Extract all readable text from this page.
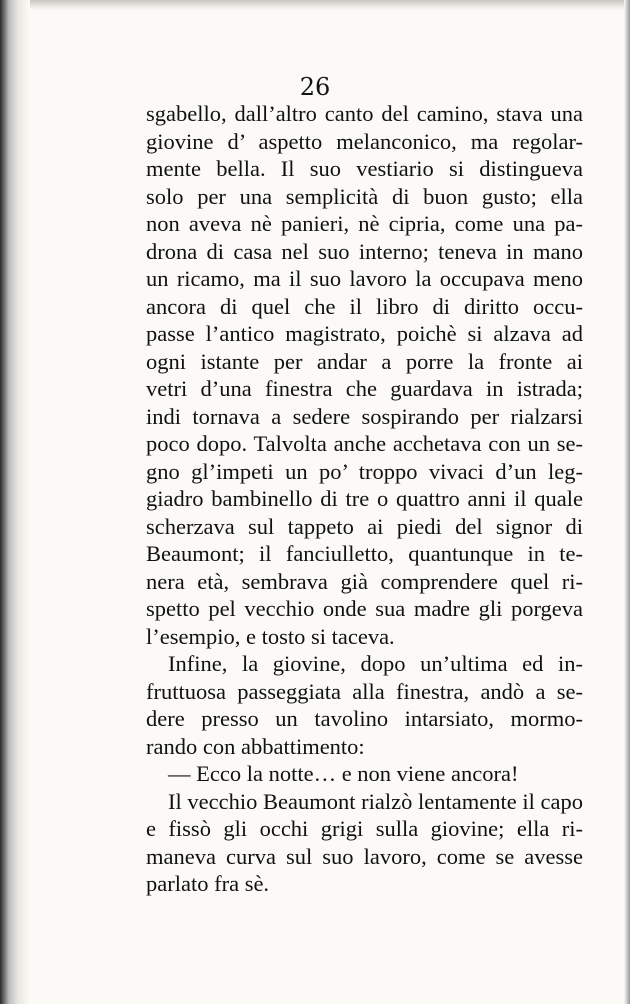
26
sgabello, dall’altro canto del camino, stava una
giovine d’ aspetto melanconico, ma regolar-
mente bella. Il suo vestiario si distingueva
solo per una semplicità di buon gusto; ella
non aveva nè panieri, nè cipria, come una pa-
drona di casa nel suo interno; teneva in mano
un ricamo, ma il suo lavoro la occupava meno
ancora di quel che il libro di diritto occu-
passe l’antico magistrato, poichè si alzava ad
ogni istante per andar a porre la fronte ai
vetri d’una finestra che guardava in istrada;
indi tornava a sedere sospirando per rialzarsi
poco dopo. Talvolta anche acchetava con un se-
gno gl’impeti un po’ troppo vivaci d’un leg-
giadro bambinello di tre o quattro anni il quale
scherzava sul tappeto ai piedi del signor di
Beaumont; il fanciulletto, quantunque in te-
nera età, sembrava già comprendere quel ri-
spetto pel vecchio onde sua madre gli porgeva
l’esempio, e tosto si taceva.
Infine, la giovine, dopo un’ultima ed in-
fruttuosa passeggiata alla finestra, andò a se-
dere presso un tavolino intarsiato, mormo-
rando con abbattimento:
— Ecco la notte… e non viene ancora!
Il vecchio Beaumont rialzò lentamente il capo
e fissò gli occhi grigi sulla giovine; ella ri-
maneva curva sul suo lavoro, come se avesse
parlato fra sè.
